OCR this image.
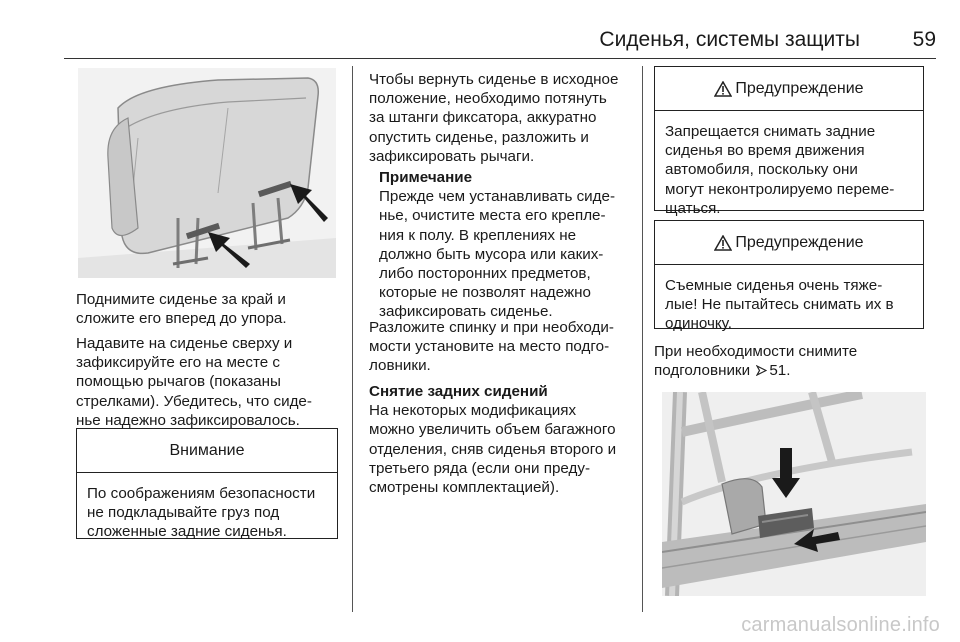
Сиденья, системы защиты	59
Поднимите сиденье за край и
сложите его вперед до упора.
Надавите на сиденье сверху и
зафиксируйте его на месте с
помощью рычагов (показаны
стрелками). Убедитесь, что сиде-
нье надежно зафиксировалось.
Внимание
По соображениям безопасности
не подкладывайте груз под
сложенные задние сиденья.
Чтобы вернуть сиденье в исходное
положение, необходимо потянуть
за штанги фиксатора, аккуратно
опустить сиденье, разложить и
зафиксировать рычаги.
Примечание
Прежде чем устанавливать сиде-
нье, очистите места его крепле-
ния к полу. В креплениях не
должно быть мусора или каких-
либо посторонних предметов,
которые не позволят надежно
зафиксировать сиденье.
Разложите спинку и при необходи-
мости установите на место подго-
ловники.
Снятие задних сидений
На некоторых модификациях
можно увеличить объем багажного
отделения, сняв сиденья второго и
третьего ряда (если они преду-
смотрены комплектацией).
Предупреждение
Запрещается снимать задние
сиденья во время движения
автомобиля, поскольку они
могут неконтролируемо переме-
щаться.
Предупреждение
Съемные сиденья очень тяже-
лые! Не пытайтесь снимать их в
одиночку.
При необходимости снимите
подголовники 51.
carmanualsonline.info
